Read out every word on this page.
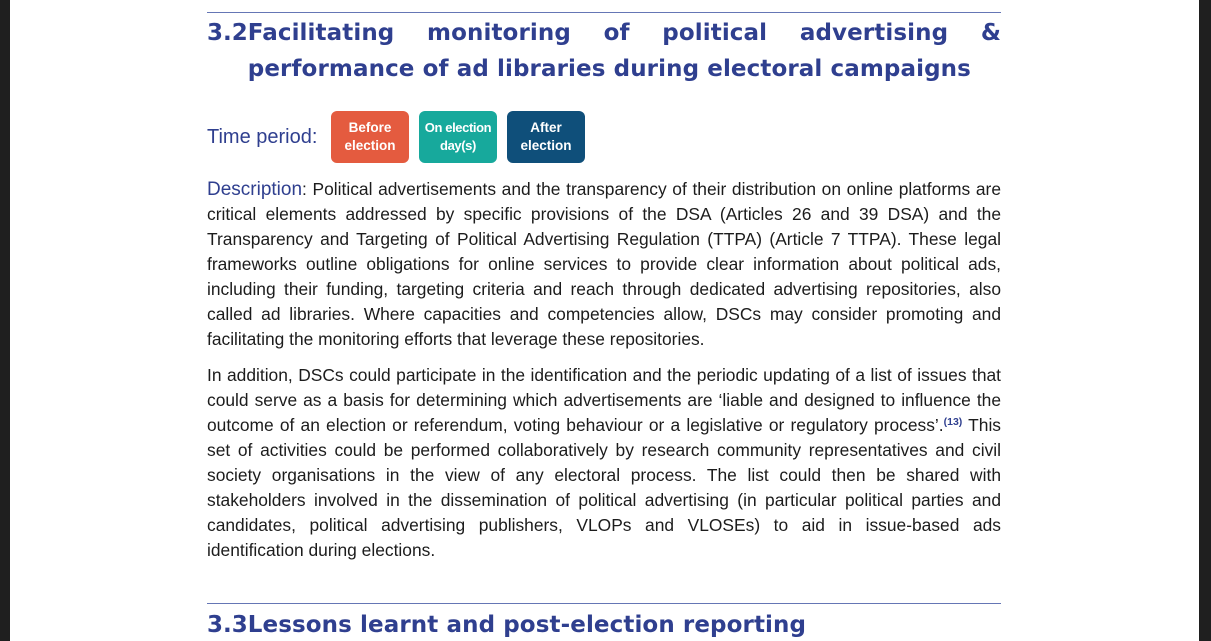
3.2 Facilitating monitoring of political advertising & performance of ad libraries during electoral campaigns
Time period:	Before election
On election day(s)
After election

Description: Political advertisements and the transparency of their distribution on online platforms are critical elements addressed by specific provisions of the DSA (Articles 26 and 39 DSA) and the Transparency and Targeting of Political Advertising Regulation (TTPA) (Article 7 TTPA). These legal frameworks outline obligations for online services to provide clear information about political ads, including their funding, targeting criteria and reach through dedicated advertising repositories, also called ad libraries. Where capacities and competencies allow, DSCs may consider promoting and facilitating the monitoring efforts that leverage these repositories.

In addition, DSCs could participate in the identification and the periodic updating of a list of issues that could serve as a basis for determining which advertisements are ‘liable and designed to influence the outcome of an election or referendum, voting behaviour or a legislative or regulatory process’.$^{(13)}$ This set of activities could be performed collaboratively by research community representatives and civil society organisations in the view of any electoral process. The list could then be shared with stakeholders involved in the dissemination of political advertising (in particular political parties and candidates, political advertising publishers, VLOPs and VLOSEs) to aid in issue-based ads identification during elections.

3.3 Lessons learnt and post-election reporting
